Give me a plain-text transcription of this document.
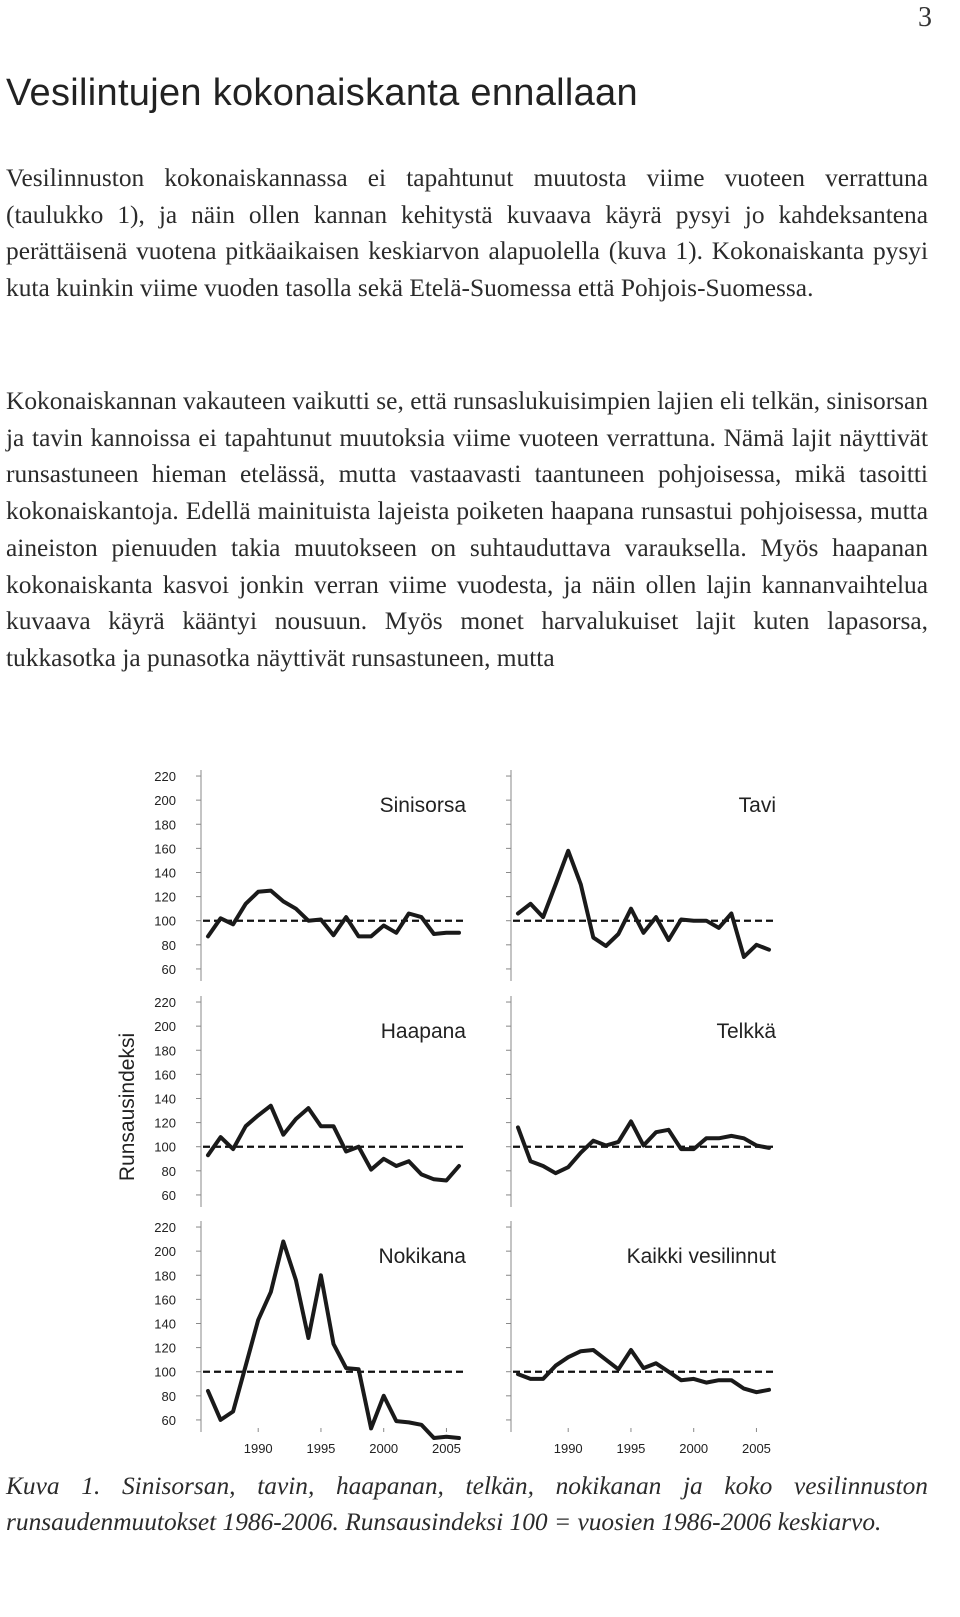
3
Vesilintujen kokonaiskanta ennallaan

Vesilinnuston kokonaiskannassa ei tapahtunut muutosta viime vuoteen verrattuna (taulukko 1), ja näin ollen kannan kehitystä kuvaava käyrä pysyi jo kahdeksantena perättäisenä vuotena pitkäaikaisen keskiarvon alapuolella (kuva 1). Kokonaiskanta pysyi kuta kuinkin viime vuoden tasolla sekä Etelä-Suomessa että Pohjois-Suomessa.

Kokonaiskannan vakauteen vaikutti se, että runsaslukuisimpien lajien eli telkän, sinisorsan ja tavin kannoissa ei tapahtunut muutoksia viime vuoteen verrattuna. Nämä lajit näyttivät runsastuneen hieman etelässä, mutta vastaavasti taantuneen pohjoisessa, mikä tasoitti kokonaiskantoja. Edellä mainituista lajeista poiketen haapana runsastui pohjoisessa, mutta aineiston pienuuden takia muutokseen on suhtauduttava varauksella. Myös haapanan kokonaiskanta kasvoi jonkin verran viime vuodesta, ja näin ollen lajin kannanvaihtelua kuvaava käyrä kääntyi nousuun. Myös monet harvalukuiset lajit kuten lapasorsa, tukkasotka ja punasotka näyttivät runsastuneen, mutta

Runsausindeksi
220
200
180
160
140
120
100
80
60
Sinisorsa	Tavi
220
200
180
160
140
120
100
80
60
Haapana	Telkkä
220
200
180
160
140
120
100
80
60
Nokikana	Kaikki vesilinnut
1990	1995	2000	2005	1990	1995	2000	2005

Kuva 1. Sinisorsan, tavin, haapanan, telkän, nokikanan ja koko vesilinnuston runsaudenmuutokset 1986-2006. Runsausindeksi 100 = vuosien 1986-2006 keskiarvo.
